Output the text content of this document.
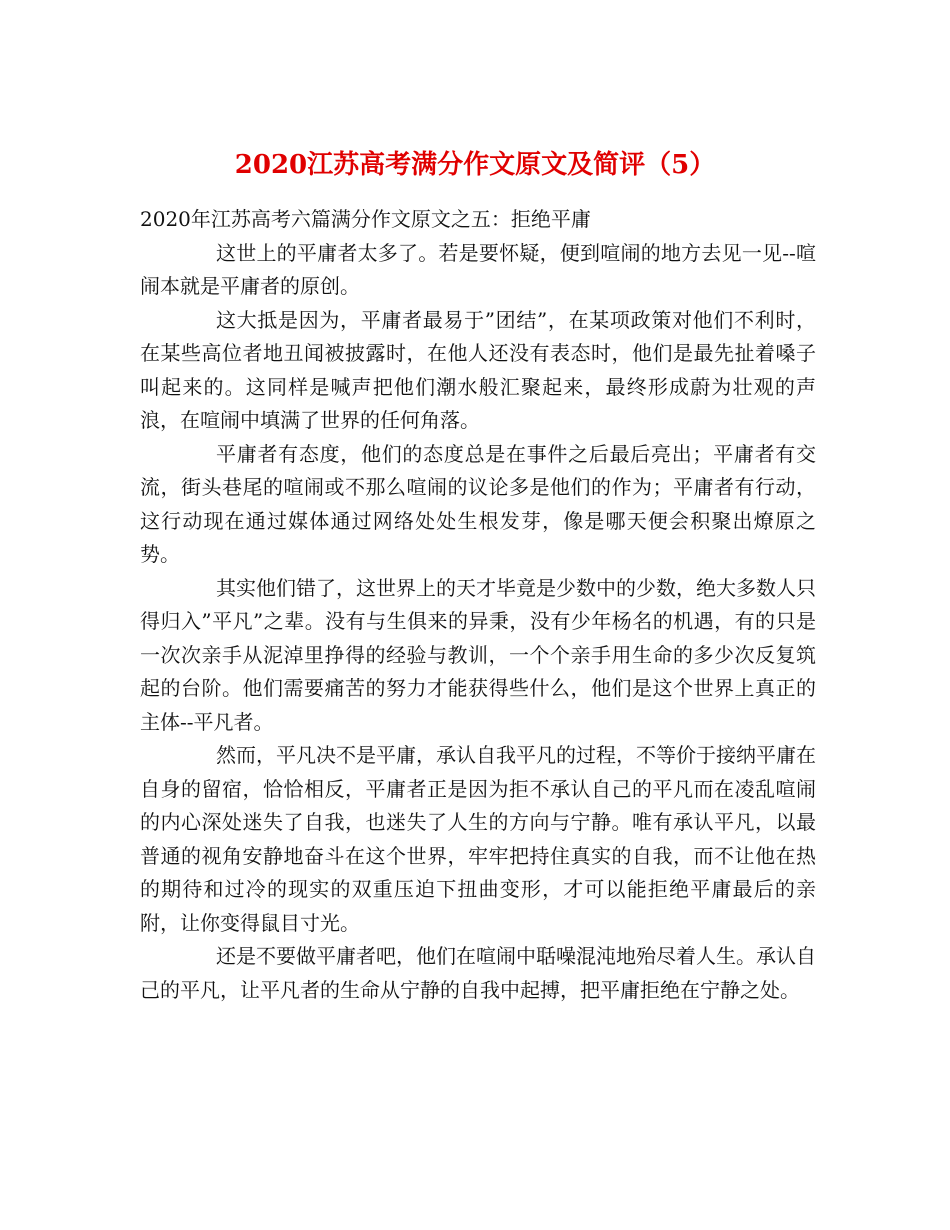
2020江苏高考满分作文原文及简评（5）

2020年江苏高考六篇满分作文原文之五：拒绝平庸

这世上的平庸者太多了。若是要怀疑，便到喧闹的地方去见一见--喧闹本就是平庸者的原创。

这大抵是因为，平庸者最易于”团结”，在某项政策对他们不利时，在某些高位者地丑闻被披露时，在他人还没有表态时，他们是最先扯着嗓子叫起来的。这同样是喊声把他们潮水般汇聚起来，最终形成蔚为壮观的声浪，在喧闹中填满了世界的任何角落。

平庸者有态度，他们的态度总是在事件之后最后亮出；平庸者有交流，街头巷尾的喧闹或不那么喧闹的议论多是他们的作为；平庸者有行动，这行动现在通过媒体通过网络处处生根发芽，像是哪天便会积聚出燎原之势。

其实他们错了，这世界上的天才毕竟是少数中的少数，绝大多数人只得归入”平凡”之辈。没有与生俱来的异秉，没有少年杨名的机遇，有的只是一次次亲手从泥淖里挣得的经验与教训，一个个亲手用生命的多少次反复筑起的台阶。他们需要痛苦的努力才能获得些什么，他们是这个世界上真正的主体--平凡者。

然而，平凡决不是平庸，承认自我平凡的过程，不等价于接纳平庸在自身的留宿，恰恰相反，平庸者正是因为拒不承认自己的平凡而在凌乱喧闹的内心深处迷失了自我，也迷失了人生的方向与宁静。唯有承认平凡，以最普通的视角安静地奋斗在这个世界，牢牢把持住真实的自我，而不让他在热的期待和过冷的现实的双重压迫下扭曲变形，才可以能拒绝平庸最后的亲附，让你变得鼠目寸光。

还是不要做平庸者吧，他们在喧闹中聒噪混沌地殆尽着人生。承认自己的平凡，让平凡者的生命从宁静的自我中起搏，把平庸拒绝在宁静之处。
